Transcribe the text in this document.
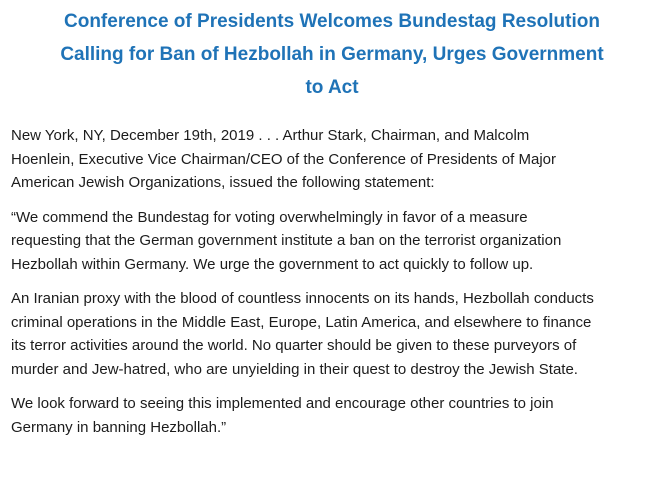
Conference of Presidents Welcomes Bundestag Resolution
Calling for Ban of Hezbollah in Germany, Urges Government
to Act

New York, NY, December 19th, 2019 . . . Arthur Stark, Chairman, and Malcolm
Hoenlein, Executive Vice Chairman/CEO of the Conference of Presidents of Major
American Jewish Organizations, issued the following statement:

“We commend the Bundestag for voting overwhelmingly in favor of a measure
requesting that the German government institute a ban on the terrorist organization
Hezbollah within Germany. We urge the government to act quickly to follow up.

An Iranian proxy with the blood of countless innocents on its hands, Hezbollah conducts
criminal operations in the Middle East, Europe, Latin America, and elsewhere to finance
its terror activities around the world. No quarter should be given to these purveyors of
murder and Jew-hatred, who are unyielding in their quest to destroy the Jewish State.

We look forward to seeing this implemented and encourage other countries to join
Germany in banning Hezbollah.”
